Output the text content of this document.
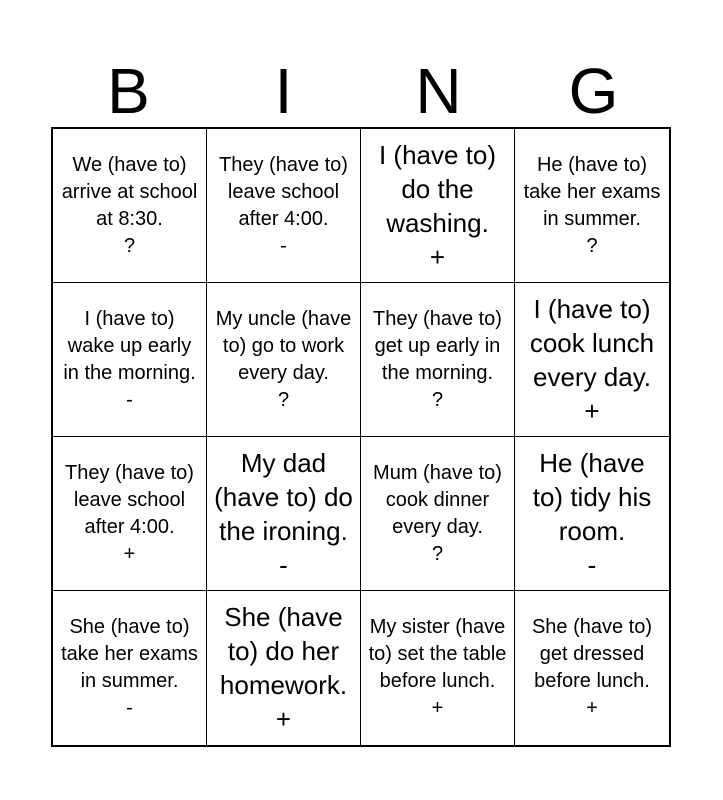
B	I	N	G
We (have to) arrive at school at 8:30.
?
They (have to) leave school after 4:00.
-
I (have to) do the washing.
+
He (have to) take her exams in summer.
?
I (have to) wake up early in the morning.
-
My uncle (have to) go to work every day.
?
They (have to) get up early in the morning.
?
I (have to) cook lunch every day.
+
They (have to) leave school after 4:00.
+
My dad (have to) do the ironing.
-
Mum (have to) cook dinner every day.
?
He (have to) tidy his room.
-
She (have to) take her exams in summer.
-
She (have to) do her homework.
+
My sister (have to) set the table before lunch.
+
She (have to) get dressed before lunch.
+
